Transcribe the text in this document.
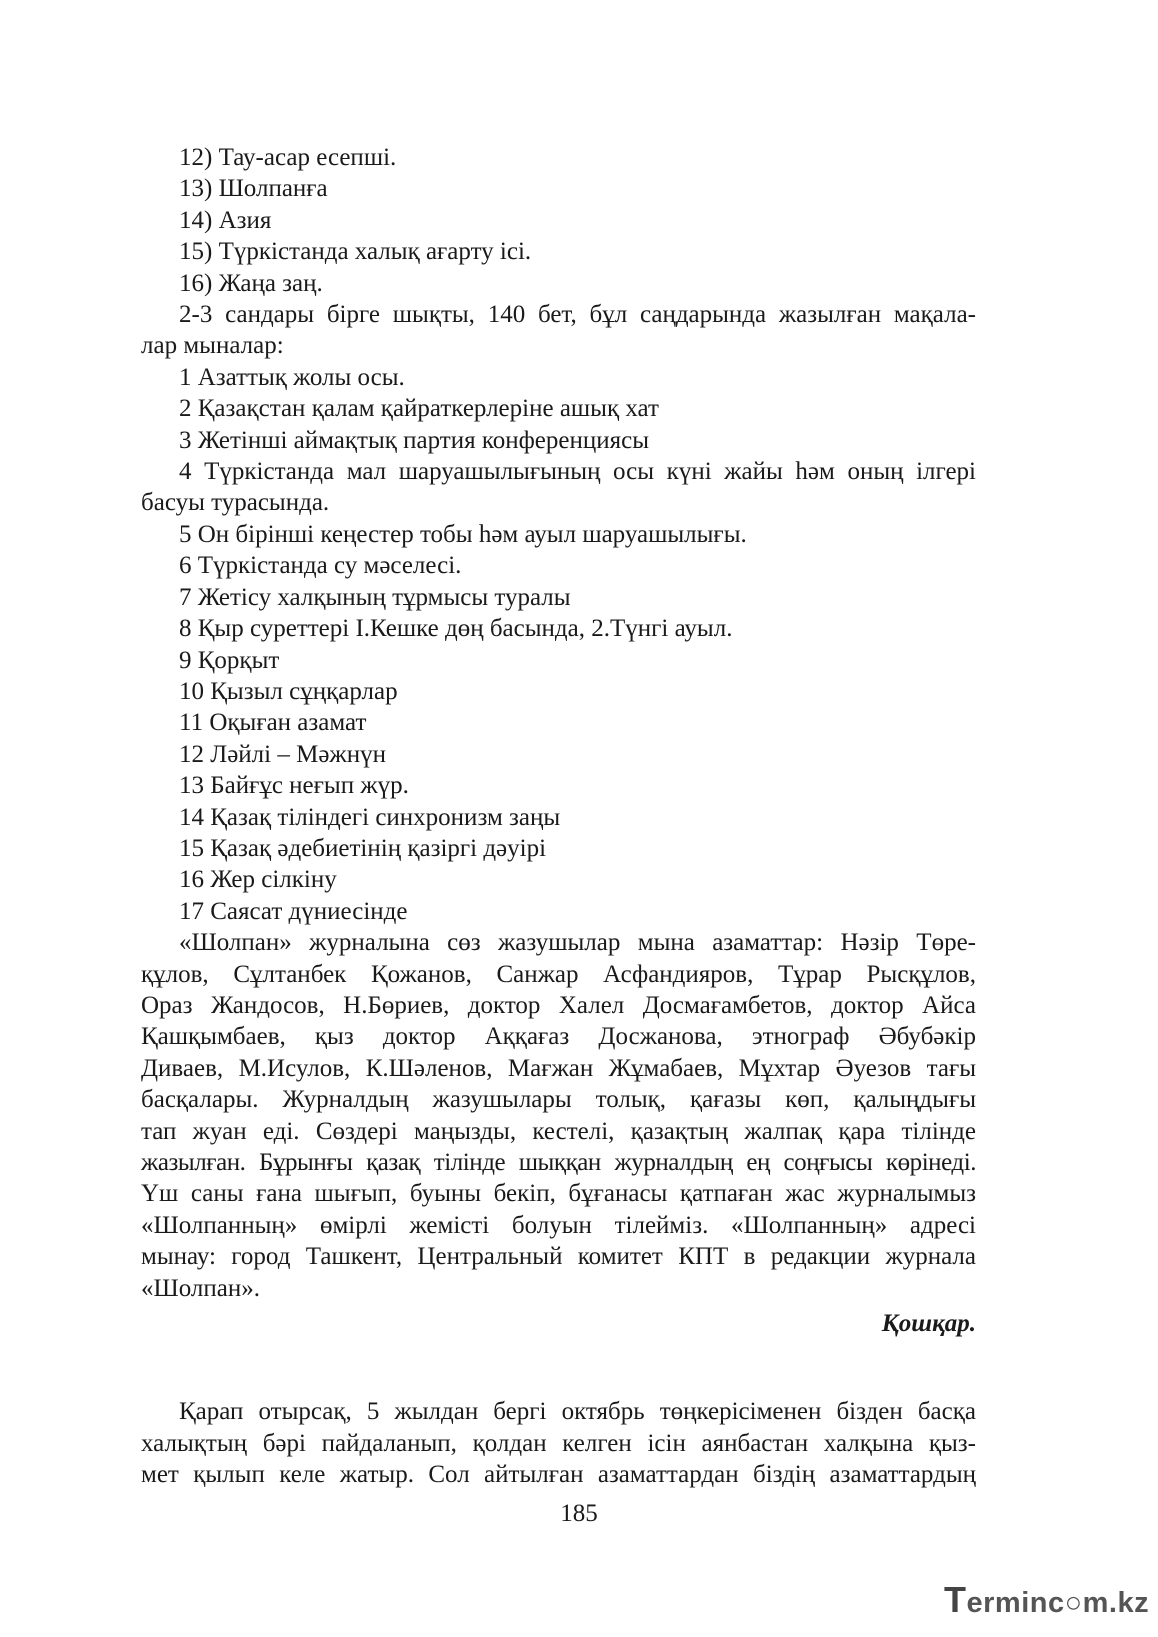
12) Тау-асар есепші.
13) Шолпанға
14) Азия
15) Түркістанда халық ағарту ісі.
16) Жаңа заң.
2-3 сандары бірге шықты, 140 бет, бұл саңдарында жазылған мақала-
лар мыналар:
1 Азаттық жолы осы.
2 Қазақстан қалам қайраткерлеріне ашық хат
3 Жетінші аймақтық партия конференциясы
4 Түркістанда мал шаруашылығының осы күні жайы һәм оның ілгері
басуы турасында.
5 Он бірінші кеңестер тобы һәм ауыл шаруашылығы.
6 Түркістанда су мәселесі.
7 Жетісу халқының тұрмысы туралы
8 Қыр суреттері І.Кешке дөң басында, 2.Түнгі ауыл.
9 Қорқыт
10 Қызыл сұңқарлар
11 Оқыған азамат
12 Ләйлі – Мәжнүн
13 Байғұс неғып жүр.
14 Қазақ тіліндегі синхронизм заңы
15 Қазақ әдебиетінің қазіргі дәуірі
16 Жер сілкіну
17 Саясат дүниесінде
«Шолпан» журналына сөз жазушылар мына азаматтар: Нәзір Төре-
құлов, Сұлтанбек Қожанов, Санжар Асфандияров, Тұрар Рысқұлов,
Ораз Жандосов, Н.Бөриев, доктор Халел Досмағамбетов, доктор Айса
Қашқымбаев, қыз доктор Аққағаз Досжанова, этнограф Әбубәкір
Диваев, М.Исулов, К.Шәленов, Мағжан Жұмабаев, Мұхтар Әуезов тағы
басқалары. Журналдың жазушылары толық, қағазы көп, қалыңдығы
тап жуан еді. Сөздері маңызды, кестелі, қазақтың жалпақ қара тілінде
жазылған. Бұрынғы қазақ тілінде шыққан журналдың ең соңғысы көрінеді.
Үш саны ғана шығып, буыны бекіп, бұғанасы қатпаған жас журналымыз
«Шолпанның» өмірлі жемісті болуын тілейміз. «Шолпанның» адресі
мынау: город Ташкент, Центральный комитет КПТ в редакции журнала
«Шолпан».
Қошқар.
Қарап отырсақ, 5 жылдан бергі октябрь төңкерісіменен бізден басқа
халықтың бәрі пайдаланып, қолдан келген ісін аянбастан халқына қыз-
мет қылып келе жатыр. Сол айтылған азаматтардан біздің азаматтардың
185
Terminc○m.kz
